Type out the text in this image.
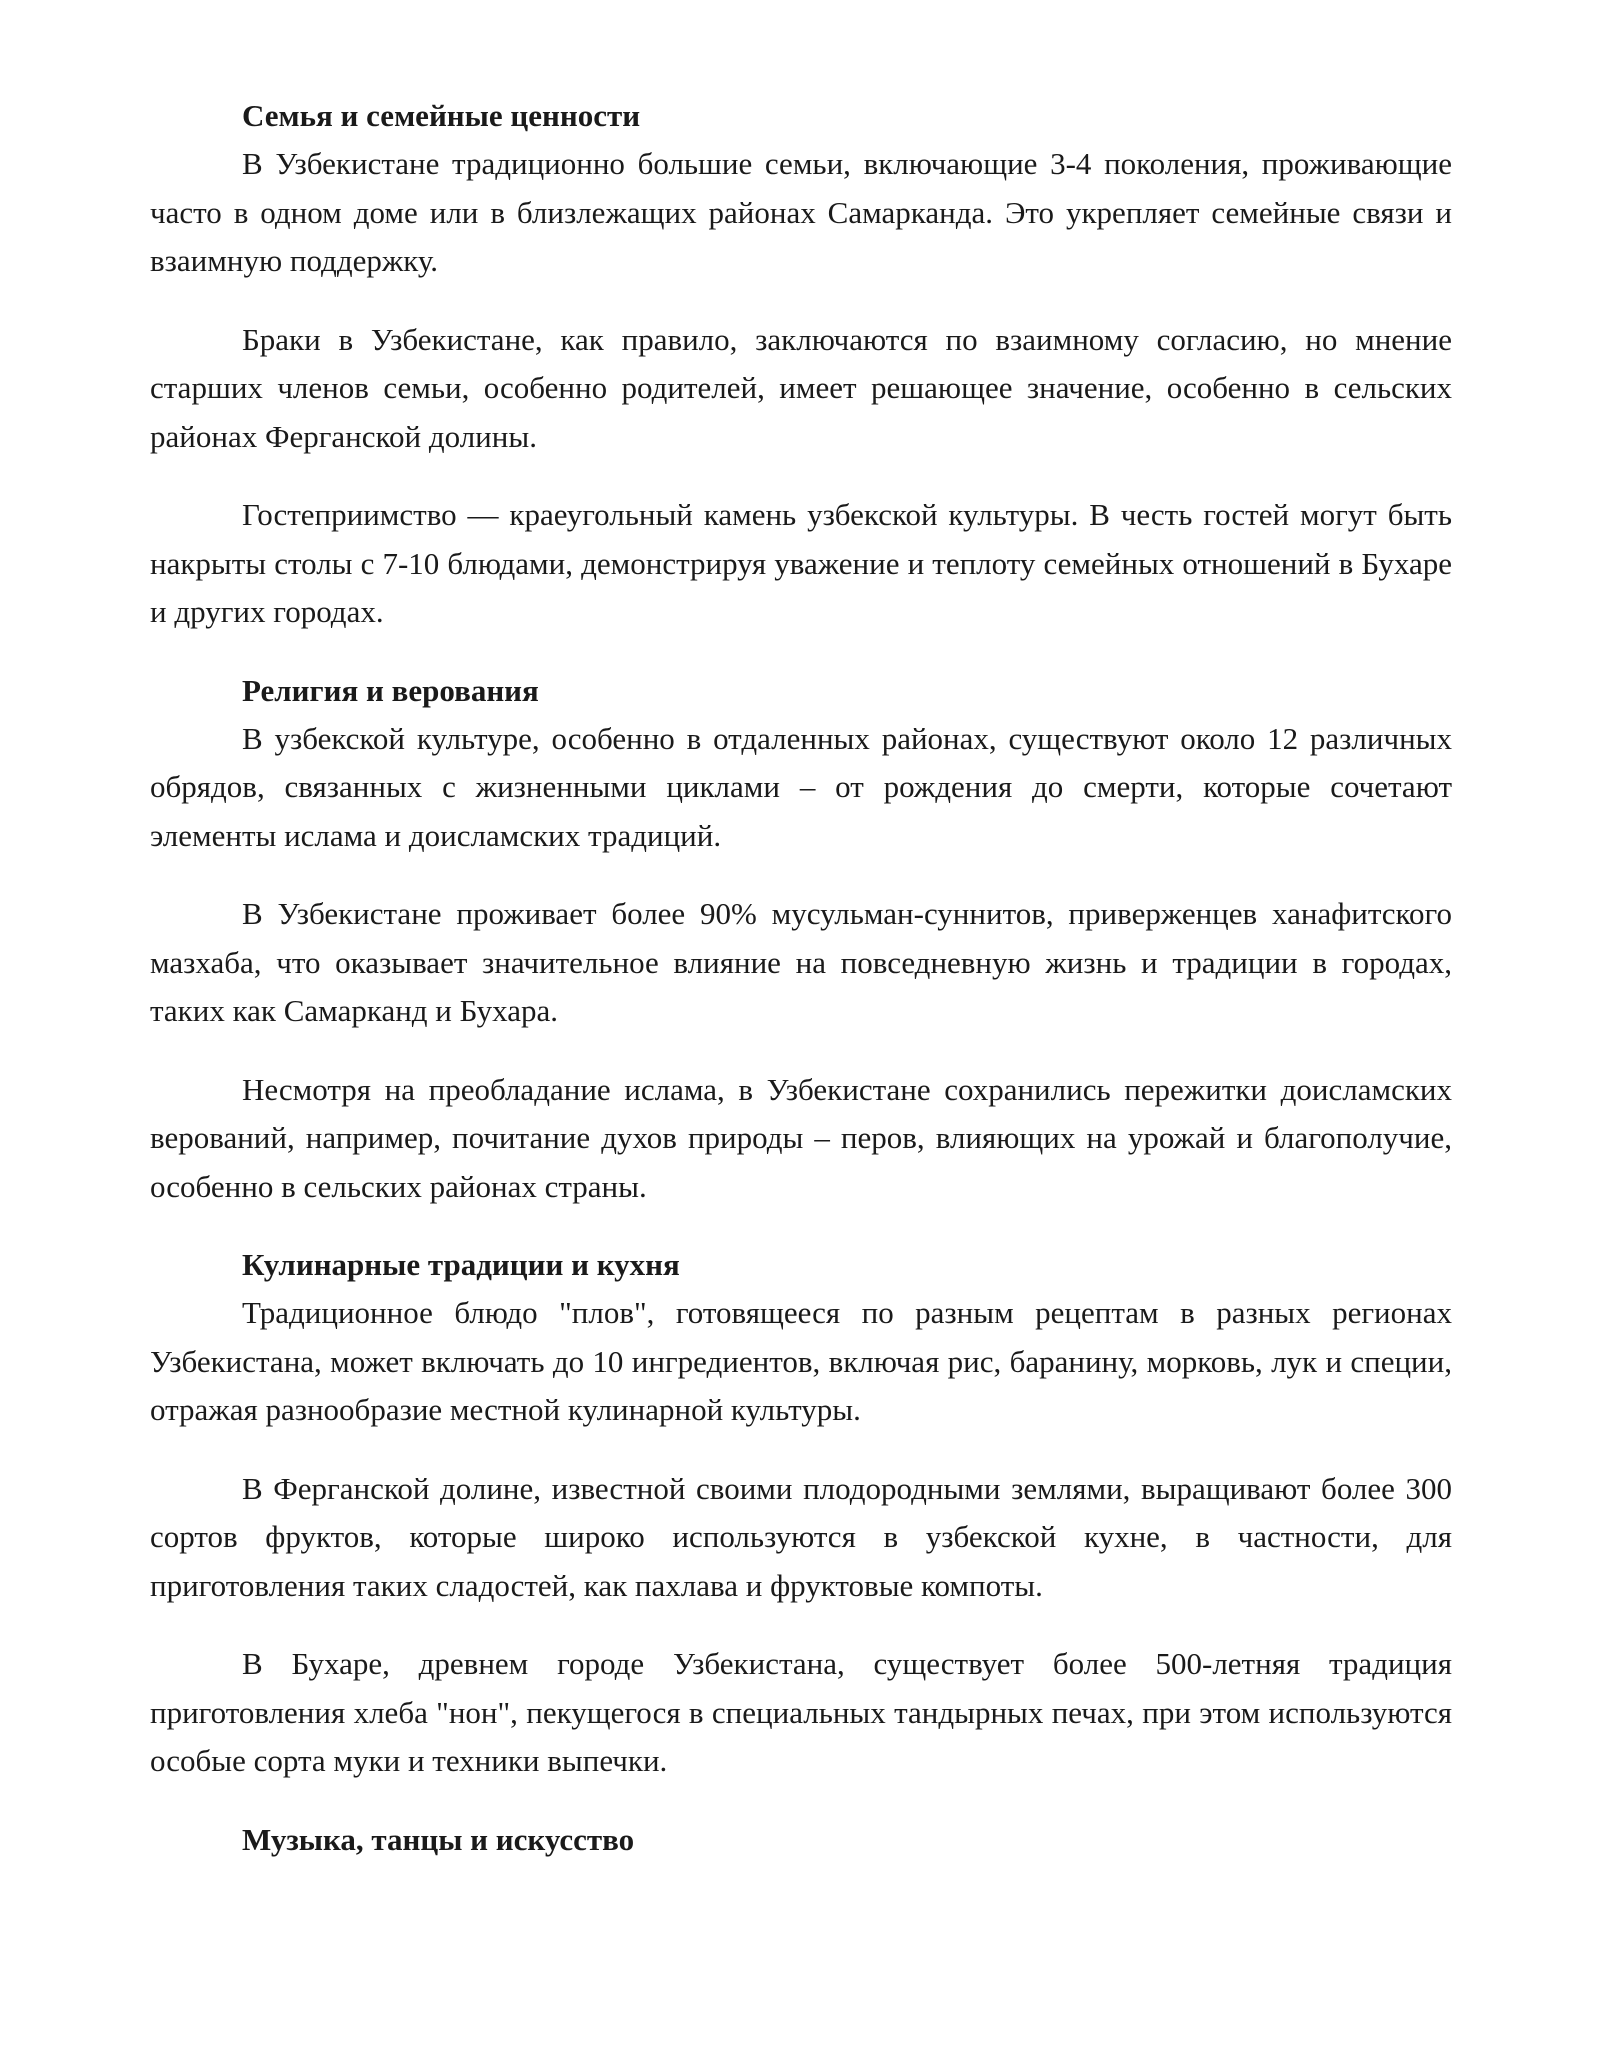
Семья и семейные ценности

В Узбекистане традиционно большие семьи, включающие 3-4 поколения, проживающие часто в одном доме или в близлежащих районах Самарканда. Это укрепляет семейные связи и взаимную поддержку.

Браки в Узбекистане, как правило, заключаются по взаимному согласию, но мнение старших членов семьи, особенно родителей, имеет решающее значение, особенно в сельских районах Ферганской долины.

Гостеприимство — краеугольный камень узбекской культуры. В честь гостей могут быть накрыты столы с 7-10 блюдами, демонстрируя уважение и теплоту семейных отношений в Бухаре и других городах.

Религия и верования

В узбекской культуре, особенно в отдаленных районах, существуют около 12 различных обрядов, связанных с жизненными циклами – от рождения до смерти, которые сочетают элементы ислама и доисламских традиций.

В Узбекистане проживает более 90% мусульман-суннитов, приверженцев ханафитского мазхаба, что оказывает значительное влияние на повседневную жизнь и традиции в городах, таких как Самарканд и Бухара.

Несмотря на преобладание ислама, в Узбекистане сохранились пережитки доисламских верований, например, почитание духов природы – перов, влияющих на урожай и благополучие, особенно в сельских районах страны.

Кулинарные традиции и кухня

Традиционное блюдо "плов", готовящееся по разным рецептам в разных регионах Узбекистана, может включать до 10 ингредиентов, включая рис, баранину, морковь, лук и специи, отражая разнообразие местной кулинарной культуры.

В Ферганской долине, известной своими плодородными землями, выращивают более 300 сортов фруктов, которые широко используются в узбекской кухне, в частности, для приготовления таких сладостей, как пахлава и фруктовые компоты.

В Бухаре, древнем городе Узбекистана, существует более 500-летняя традиция приготовления хлеба "нон", пекущегося в специальных тандырных печах, при этом используются особые сорта муки и техники выпечки.

Музыка, танцы и искусство
